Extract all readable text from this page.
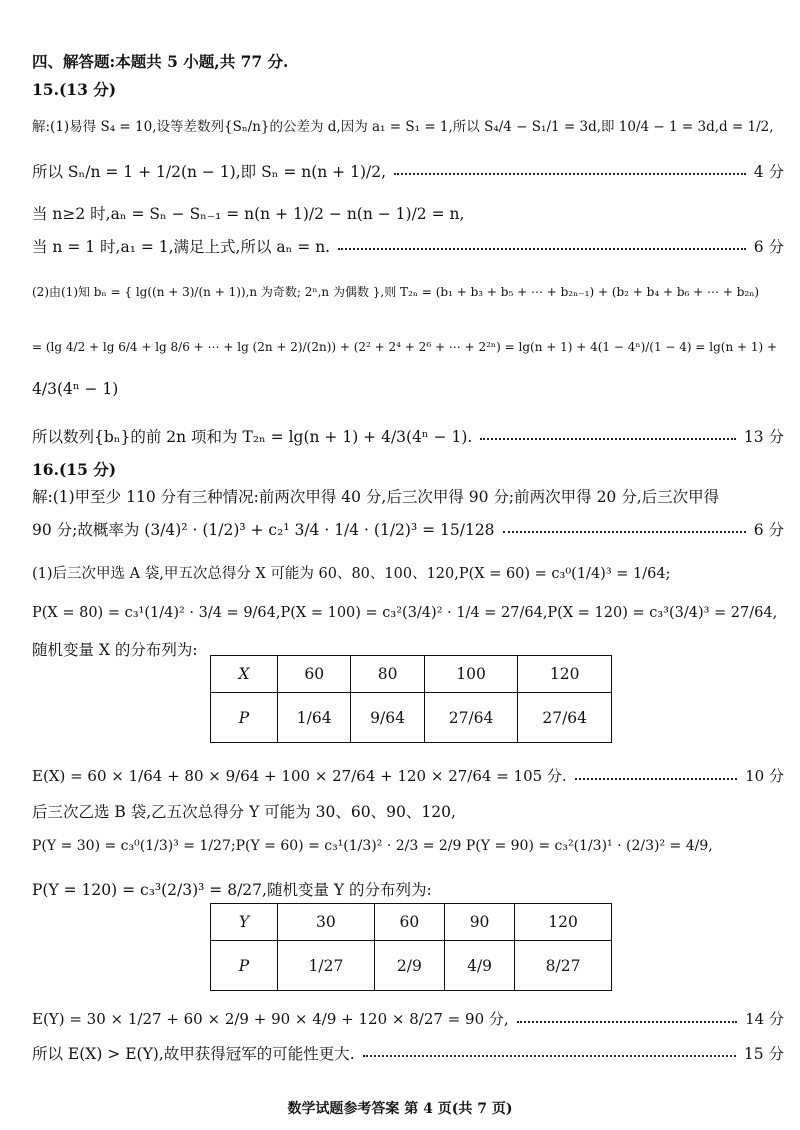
四、解答题:本题共 5 小题,共 77 分.
15.(13 分)
解:(1)易得 S₄ = 10,设等差数列{Sₙ/n}的公差为 d,因为 a₁ = S₁ = 1,所以 S₄/4 − S₁/1 = 3d,即 10/4 − 1 = 3d,d = 1/2,
所以 Sₙ/n = 1 + 1/2(n − 1),即 Sₙ = n(n + 1)/2,	4 分
当 n≥2 时,aₙ = Sₙ − Sₙ₋₁ = n(n + 1)/2 − n(n − 1)/2 = n,
当 n = 1 时,a₁ = 1,满足上式,所以 aₙ = n.	6 分
(2)由(1)知 bₙ = { lg((n + 3)/(n + 1)),n 为奇数; 2ⁿ,n 为偶数 },则 T₂ₙ = (b₁ + b₃ + b₅ + ⋯ + b₂ₙ₋₁) + (b₂ + b₄ + b₆ + ⋯ + b₂ₙ)
= (lg 4/2 + lg 6/4 + lg 8/6 + ⋯ + lg (2n + 2)/(2n)) + (2² + 2⁴ + 2⁶ + ⋯ + 2²ⁿ) = lg(n + 1) + 4(1 − 4ⁿ)/(1 − 4) = lg(n + 1) +
4/3(4ⁿ − 1)
所以数列{bₙ}的前 2n 项和为 T₂ₙ = lg(n + 1) + 4/3(4ⁿ − 1).	13 分
16.(15 分)
解:(1)甲至少 110 分有三种情况:前两次甲得 40 分,后三次甲得 90 分;前两次甲得 20 分,后三次甲得
90 分;故概率为 (3/4)² · (1/2)³ + c₂¹ 3/4 · 1/4 · (1/2)³ = 15/128	6 分
(1)后三次甲选 A 袋,甲五次总得分 X 可能为 60、80、100、120,P(X = 60) = c₃⁰(1/4)³ = 1/64;
P(X = 80) = c₃¹(1/4)² · 3/4 = 9/64,P(X = 100) = c₃²(3/4)² · 1/4 = 27/64,P(X = 120) = c₃³(3/4)³ = 27/64,
随机变量 X 的分布列为:
X	60	80	100	120
P	1/64	9/64	27/64	27/64
E(X) = 60 × 1/64 + 80 × 9/64 + 100 × 27/64 + 120 × 27/64 = 105 分.	10 分
后三次乙选 B 袋,乙五次总得分 Y 可能为 30、60、90、120,
P(Y = 30) = c₃⁰(1/3)³ = 1/27;P(Y = 60) = c₃¹(1/3)² · 2/3 = 2/9 P(Y = 90) = c₃²(1/3)¹ · (2/3)² = 4/9,
P(Y = 120) = c₃³(2/3)³ = 8/27,随机变量 Y 的分布列为:
Y	30	60	90	120
P	1/27	2/9	4/9	8/27
E(Y) = 30 × 1/27 + 60 × 2/9 + 90 × 4/9 + 120 × 8/27 = 90 分,	14 分
所以 E(X) > E(Y),故甲获得冠军的可能性更大.	15 分
数学试题参考答案 第 4 页(共 7 页)
